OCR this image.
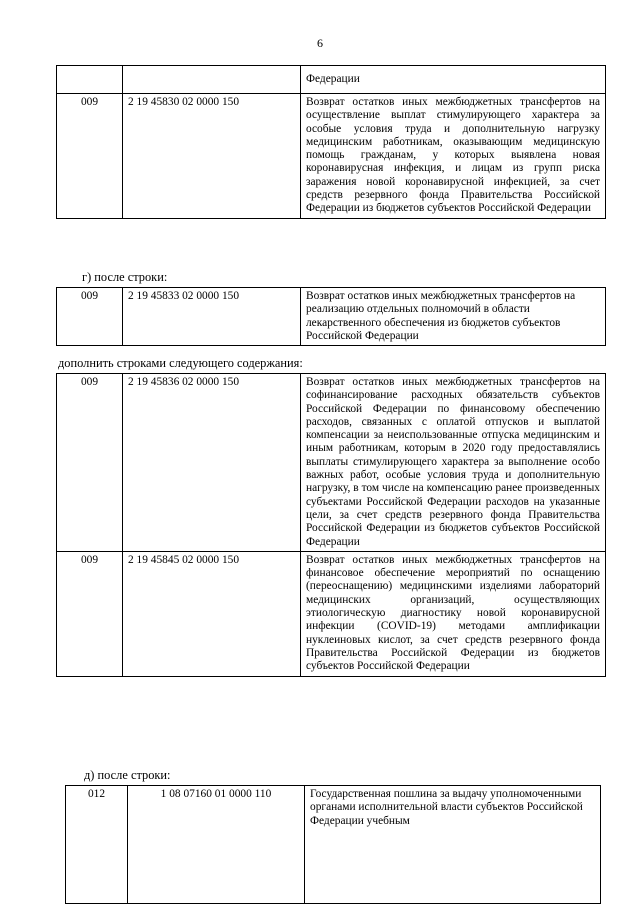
6
		Федерации
009	2 19 45830 02 0000 150	Возврат остатков иных межбюджетных трансфертов на осуществление выплат стимулирующего характера за особые условия труда и дополнительную нагрузку медицинским работникам, оказывающим медицинскую помощь гражданам, у которых выявлена новая коронавирусная инфекция, и лицам из групп риска заражения новой коронавирусной инфекцией, за счет средств резервного фонда Правительства Российской Федерации из бюджетов субъектов Российской Федерации
г) после строки:
009	2 19 45833 02 0000 150	Возврат остатков иных межбюджетных трансфертов на реализацию отдельных полномочий в области лекарственного обеспечения из бюджетов субъектов Российской Федерации
дополнить строками следующего содержания:
009	2 19 45836 02 0000 150	Возврат остатков иных межбюджетных трансфертов на софинансирование расходных обязательств субъектов Российской Федерации по финансовому обеспечению расходов, связанных с оплатой отпусков и выплатой компенсации за неиспользованные отпуска медицинским и иным работникам, которым в 2020 году предоставлялись выплаты стимулирующего характера за выполнение особо важных работ, особые условия труда и дополнительную нагрузку, в том числе на компенсацию ранее произведенных субъектами Российской Федерации расходов на указанные цели, за счет средств резервного фонда Правительства Российской Федерации из бюджетов субъектов Российской Федерации
009	2 19 45845 02 0000 150	Возврат остатков иных межбюджетных трансфертов на финансовое обеспечение мероприятий по оснащению (переоснащению) медицинскими изделиями лабораторий медицинских организаций, осуществляющих этиологическую диагностику новой коронавирусной инфекции (COVID-19) методами амплификации нуклеиновых кислот, за счет средств резервного фонда Правительства Российской Федерации из бюджетов субъектов Российской Федерации
д) после строки:
012	1 08 07160 01 0000 110	Государственная пошлина за выдачу уполномоченными органами исполнительной власти субъектов Российской Федерации учебным
